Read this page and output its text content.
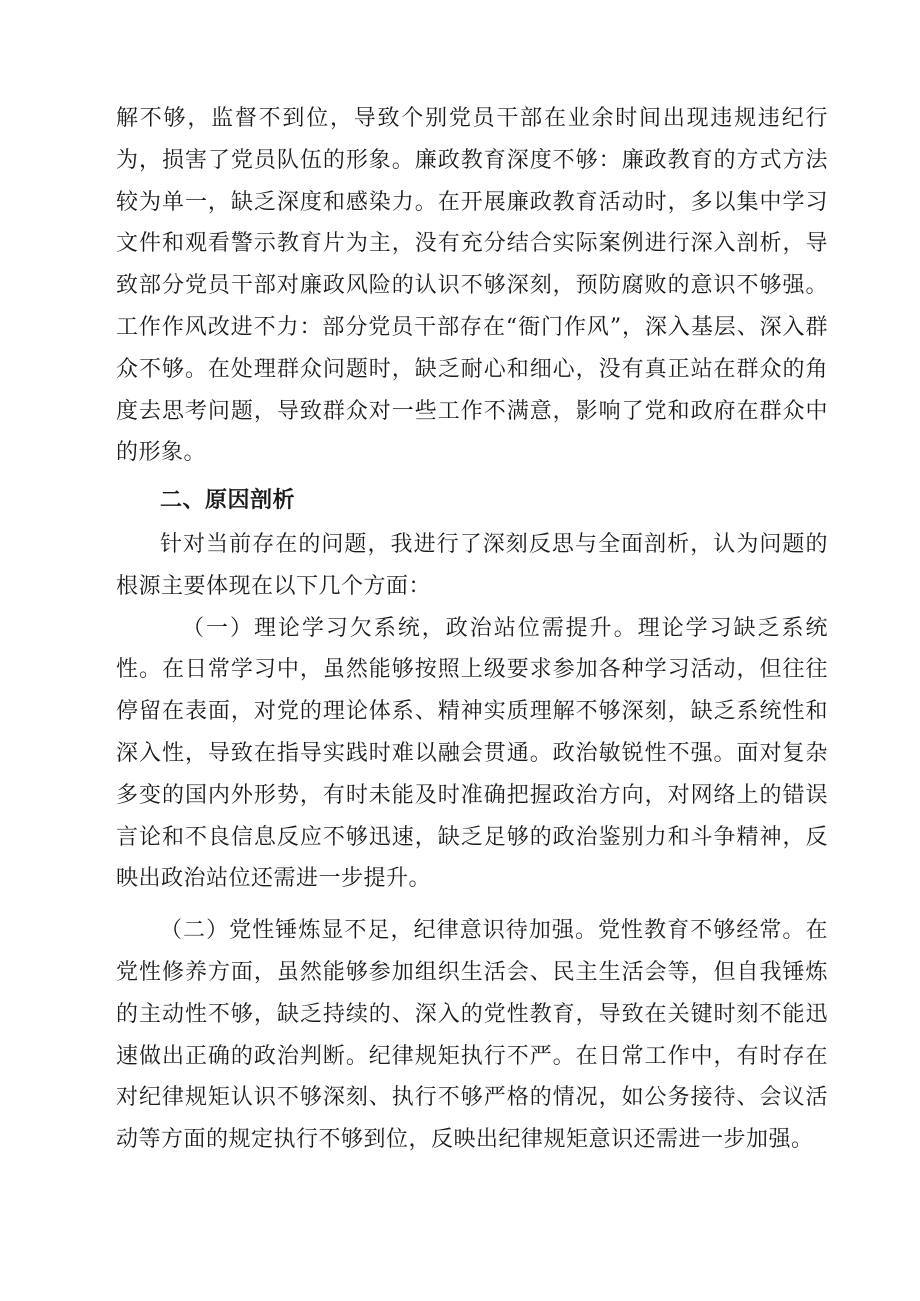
解不够，监督不到位，导致个别党员干部在业余时间出现违规违纪行为，损害了党员队伍的形象。廉政教育深度不够：廉政教育的方式方法较为单一，缺乏深度和感染力。在开展廉政教育活动时，多以集中学习文件和观看警示教育片为主，没有充分结合实际案例进行深入剖析，导致部分党员干部对廉政风险的认识不够深刻，预防腐败的意识不够强。工作作风改进不力：部分党员干部存在“衙门作风”，深入基层、深入群众不够。在处理群众问题时，缺乏耐心和细心，没有真正站在群众的角度去思考问题，导致群众对一些工作不满意，影响了党和政府在群众中的形象。

二、原因剖析

针对当前存在的问题，我进行了深刻反思与全面剖析，认为问题的根源主要体现在以下几个方面：

（一）理论学习欠系统，政治站位需提升。理论学习缺乏系统性。在日常学习中，虽然能够按照上级要求参加各种学习活动，但往往停留在表面，对党的理论体系、精神实质理解不够深刻，缺乏系统性和深入性，导致在指导实践时难以融会贯通。政治敏锐性不强。面对复杂多变的国内外形势，有时未能及时准确把握政治方向，对网络上的错误言论和不良信息反应不够迅速，缺乏足够的政治鉴别力和斗争精神，反映出政治站位还需进一步提升。

（二）党性锤炼显不足，纪律意识待加强。党性教育不够经常。在党性修养方面，虽然能够参加组织生活会、民主生活会等，但自我锤炼的主动性不够，缺乏持续的、深入的党性教育，导致在关键时刻不能迅速做出正确的政治判断。纪律规矩执行不严。在日常工作中，有时存在对纪律规矩认识不够深刻、执行不够严格的情况，如公务接待、会议活动等方面的规定执行不够到位，反映出纪律规矩意识还需进一步加强。
